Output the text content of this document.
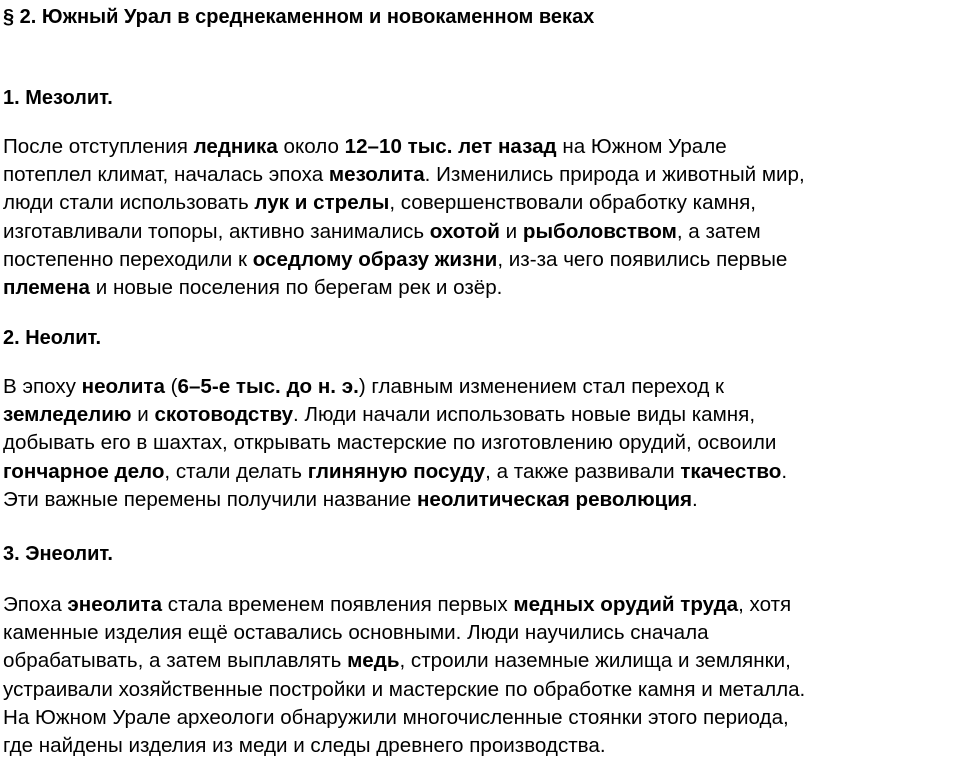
§ 2. Южный Урал в среднекаменном и новокаменном веках
1. Мезолит.
После отступления ледника около 12–10 тыс. лет назад на Южном Урале
потеплел климат, началась эпоха мезолита. Изменились природа и животный мир,
люди стали использовать лук и стрелы, совершенствовали обработку камня,
изготавливали топоры, активно занимались охотой и рыболовством, а затем
постепенно переходили к оседлому образу жизни, из-за чего появились первые
племена и новые поселения по берегам рек и озёр.
2. Неолит.
В эпоху неолита (6–5-е тыс. до н. э.) главным изменением стал переход к
земледелию и скотоводству. Люди начали использовать новые виды камня,
добывать его в шахтах, открывать мастерские по изготовлению орудий, освоили
гончарное дело, стали делать глиняную посуду, а также развивали ткачество.
Эти важные перемены получили название неолитическая революция.
3. Энеолит.
Эпоха энеолита стала временем появления первых медных орудий труда, хотя
каменные изделия ещё оставались основными. Люди научились сначала
обрабатывать, а затем выплавлять медь, строили наземные жилища и землянки,
устраивали хозяйственные постройки и мастерские по обработке камня и металла.
На Южном Урале археологи обнаружили многочисленные стоянки этого периода,
где найдены изделия из меди и следы древнего производства.
